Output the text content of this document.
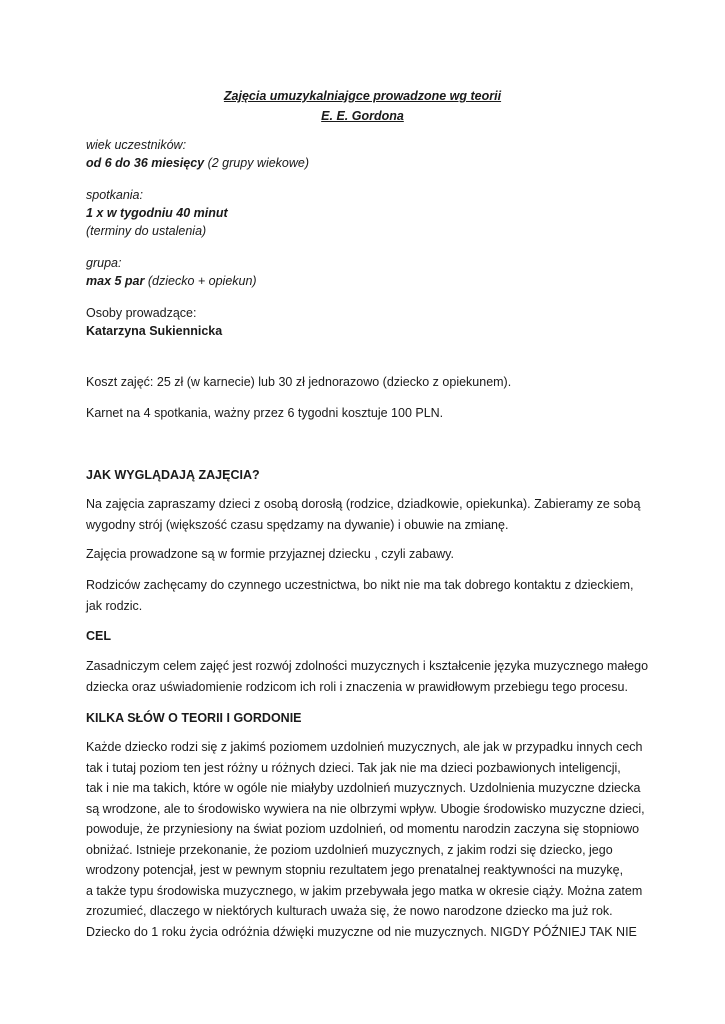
Zajęcia umuzykalniajgce prowadzone wg teorii
E. E. Gordona
wiek uczestników:
od 6 do 36 miesięcy (2 grupy wiekowe)
spotkania:
1 x w tygodniu 40 minut
(terminy do ustalenia)
grupa:
max 5 par (dziecko + opiekun)
Osoby prowadzące:
Katarzyna Sukiennicka
Koszt zajęć: 25 zł (w karnecie) lub 30 zł jednorazowo (dziecko z opiekunem).
Karnet na 4 spotkania, ważny przez 6 tygodni kosztuje 100 PLN.
JAK WYGLĄDAJĄ ZAJĘCIA?
Na zajęcia zapraszamy dzieci z osobą dorosłą (rodzice, dziadkowie, opiekunka). Zabieramy ze sobą
wygodny strój (większość czasu spędzamy na dywanie) i obuwie na zmianę.
Zajęcia prowadzone są w formie przyjaznej dziecku , czyli zabawy.
Rodziców zachęcamy do czynnego uczestnictwa, bo nikt nie ma tak dobrego kontaktu z dzieckiem,
jak rodzic.
CEL
Zasadniczym celem zajęć jest rozwój zdolności muzycznych i kształcenie języka muzycznego małego
dziecka oraz uświadomienie rodzicom ich roli i znaczenia w prawidłowym przebiegu tego procesu.
KILKA SŁÓW O TEORII I GORDONIE
Każde dziecko rodzi się z jakimś poziomem uzdolnień muzycznych, ale jak w przypadku innych cech
tak i tutaj poziom ten jest różny u różnych dzieci. Tak jak nie ma dzieci pozbawionych inteligencji,
tak i nie ma takich, które w ogóle nie miałyby uzdolnień muzycznych. Uzdolnienia muzyczne dziecka
są wrodzone, ale to środowisko wywiera na nie olbrzymi wpływ. Ubogie środowisko muzyczne dzieci,
powoduje, że przyniesiony na świat poziom uzdolnień, od momentu narodzin zaczyna się stopniowo
obniżać. Istnieje przekonanie, że poziom uzdolnień muzycznych, z jakim rodzi się dziecko, jego
wrodzony potencjał, jest w pewnym stopniu rezultatem jego prenatalnej reaktywności na muzykę,
a także typu środowiska muzycznego, w jakim przebywała jego matka w okresie ciąży. Można zatem
zrozumieć, dlaczego w niektórych kulturach uważa się, że nowo narodzone dziecko ma już rok.
Dziecko do 1 roku życia odróżnia dźwięki muzyczne od nie muzycznych. NIGDY PÓŹNIEJ TAK NIE
